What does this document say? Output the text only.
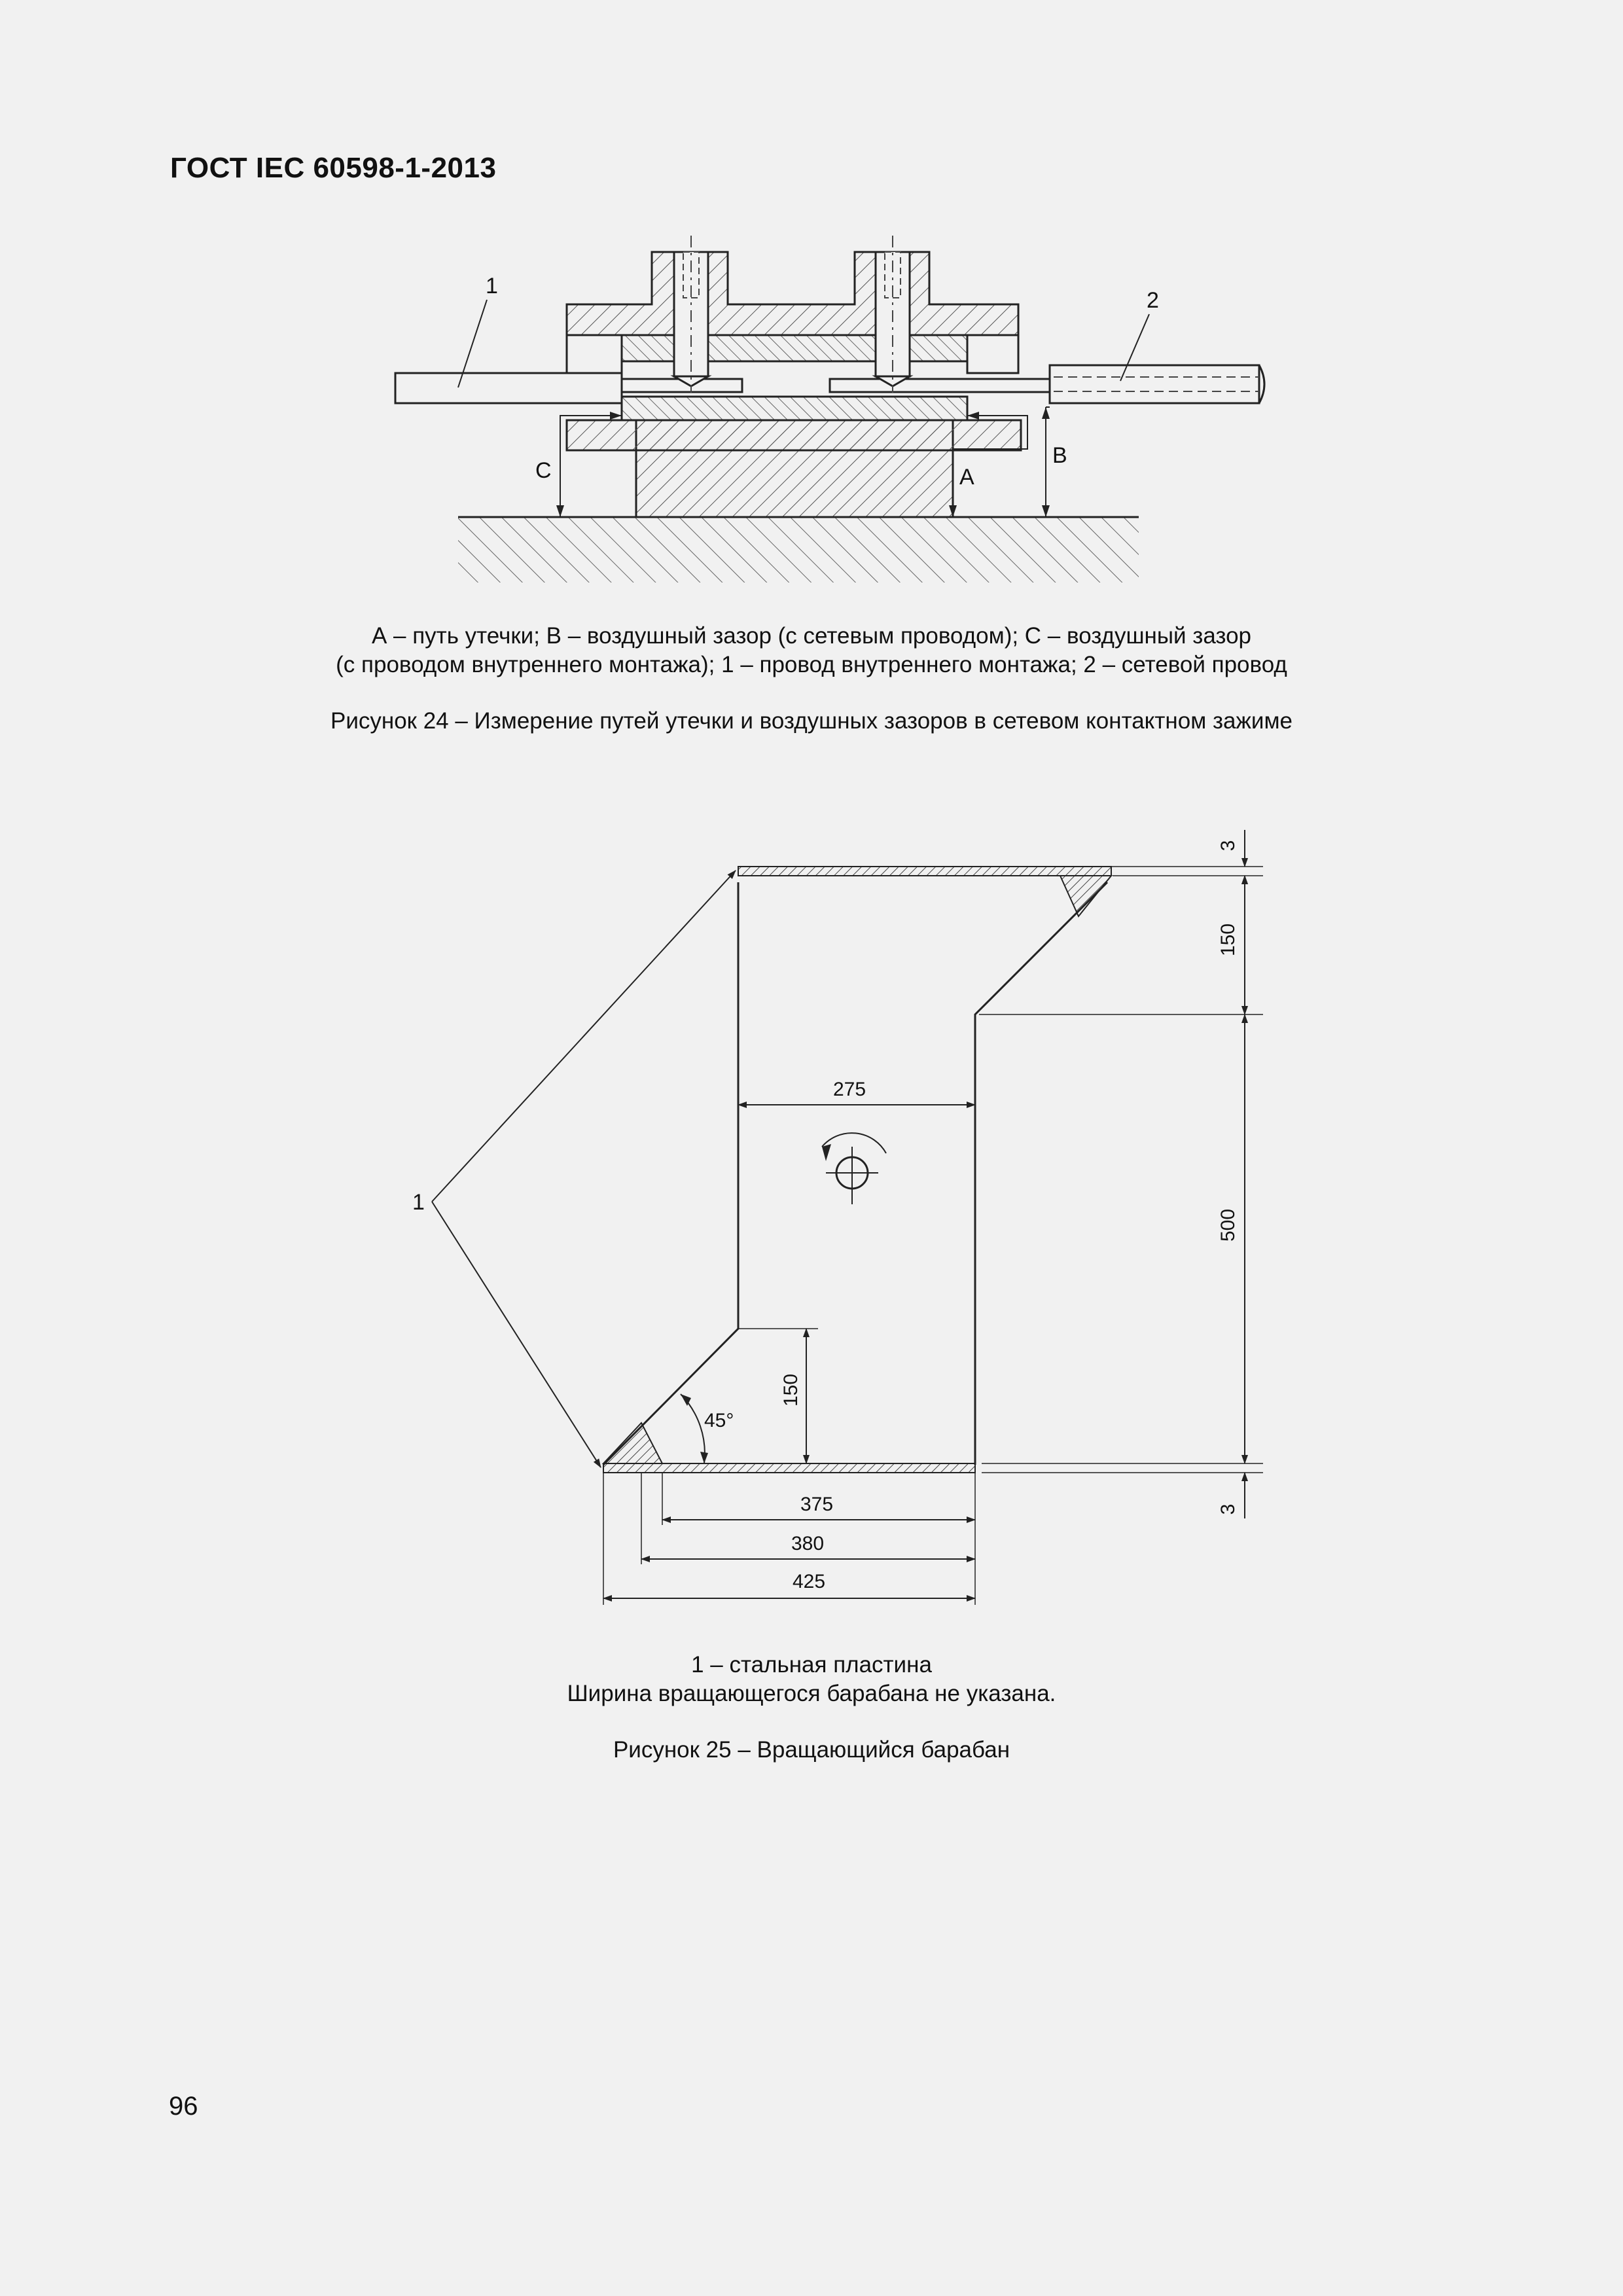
ГОСТ IEC 60598-1-2013
1
2
C	A
B
А – путь утечки; В – воздушный зазор (с сетевым проводом); С – воздушный зазор
(с проводом внутреннего монтажа); 1 – провод внутреннего монтажа; 2 – сетевой провод
Рисунок 24 – Измерение путей утечки и воздушных зазоров в сетевом контактном зажиме
1
3
150
500
3
275
150
45°
375
380
425
1 – стальная пластина
Ширина вращающегося барабана не указана.
Рисунок 25 – Вращающийся барабан
96
